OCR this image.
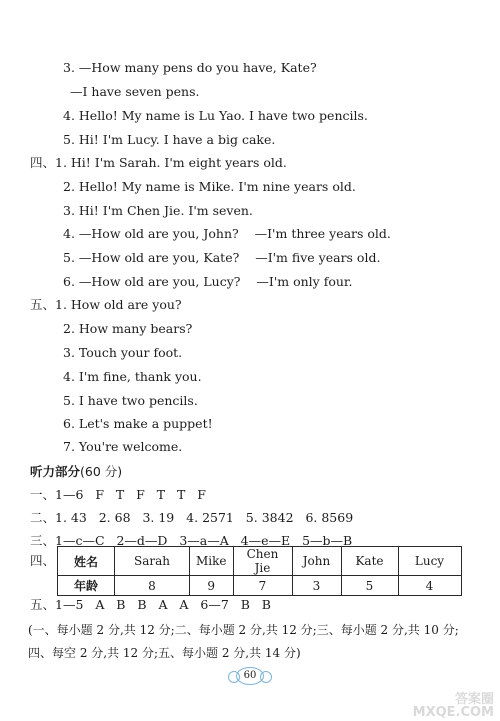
3. —How many pens do you have, Kate?
—I have seven pens.
4. Hello! My name is Lu Yao. I have two pencils.
5. Hi! I'm Lucy. I have a big cake.
四、1. Hi! I'm Sarah. I'm eight years old.
2. Hello! My name is Mike. I'm nine years old.
3. Hi! I'm Chen Jie. I'm seven.
4. —How old are you, John?    —I'm three years old.
5. —How old are you, Kate?    —I'm five years old.
6. —How old are you, Lucy?    —I'm only four.
五、1. How old are you?
2. How many bears?
3. Touch your foot.
4. I'm fine, thank you.
5. I have two pencils.
6. Let's make a puppet!
7. You're welcome.
听力部分(60 分)
一、1—6   F   T   F   T   T   F
二、1. 43   2. 68   3. 19   4. 2571   5. 3842   6. 8569
三、1—c—C   2—d—D   3—a—A   4—e—E   5—b—B
四、 姓名	Sarah	Mike	Chen Jie	John	Kate	Lucy
年龄	8	9	7	3	5	4
五、1—5   A   B   B   A   A   6—7   B   B
(一、每小题 2 分,共 12 分;二、每小题 2 分,共 12 分;三、每小题 2 分,共 10 分;
四、每空 2 分,共 12 分;五、每小题 2 分,共 14 分)
60
答案圈
MXQE.COM
